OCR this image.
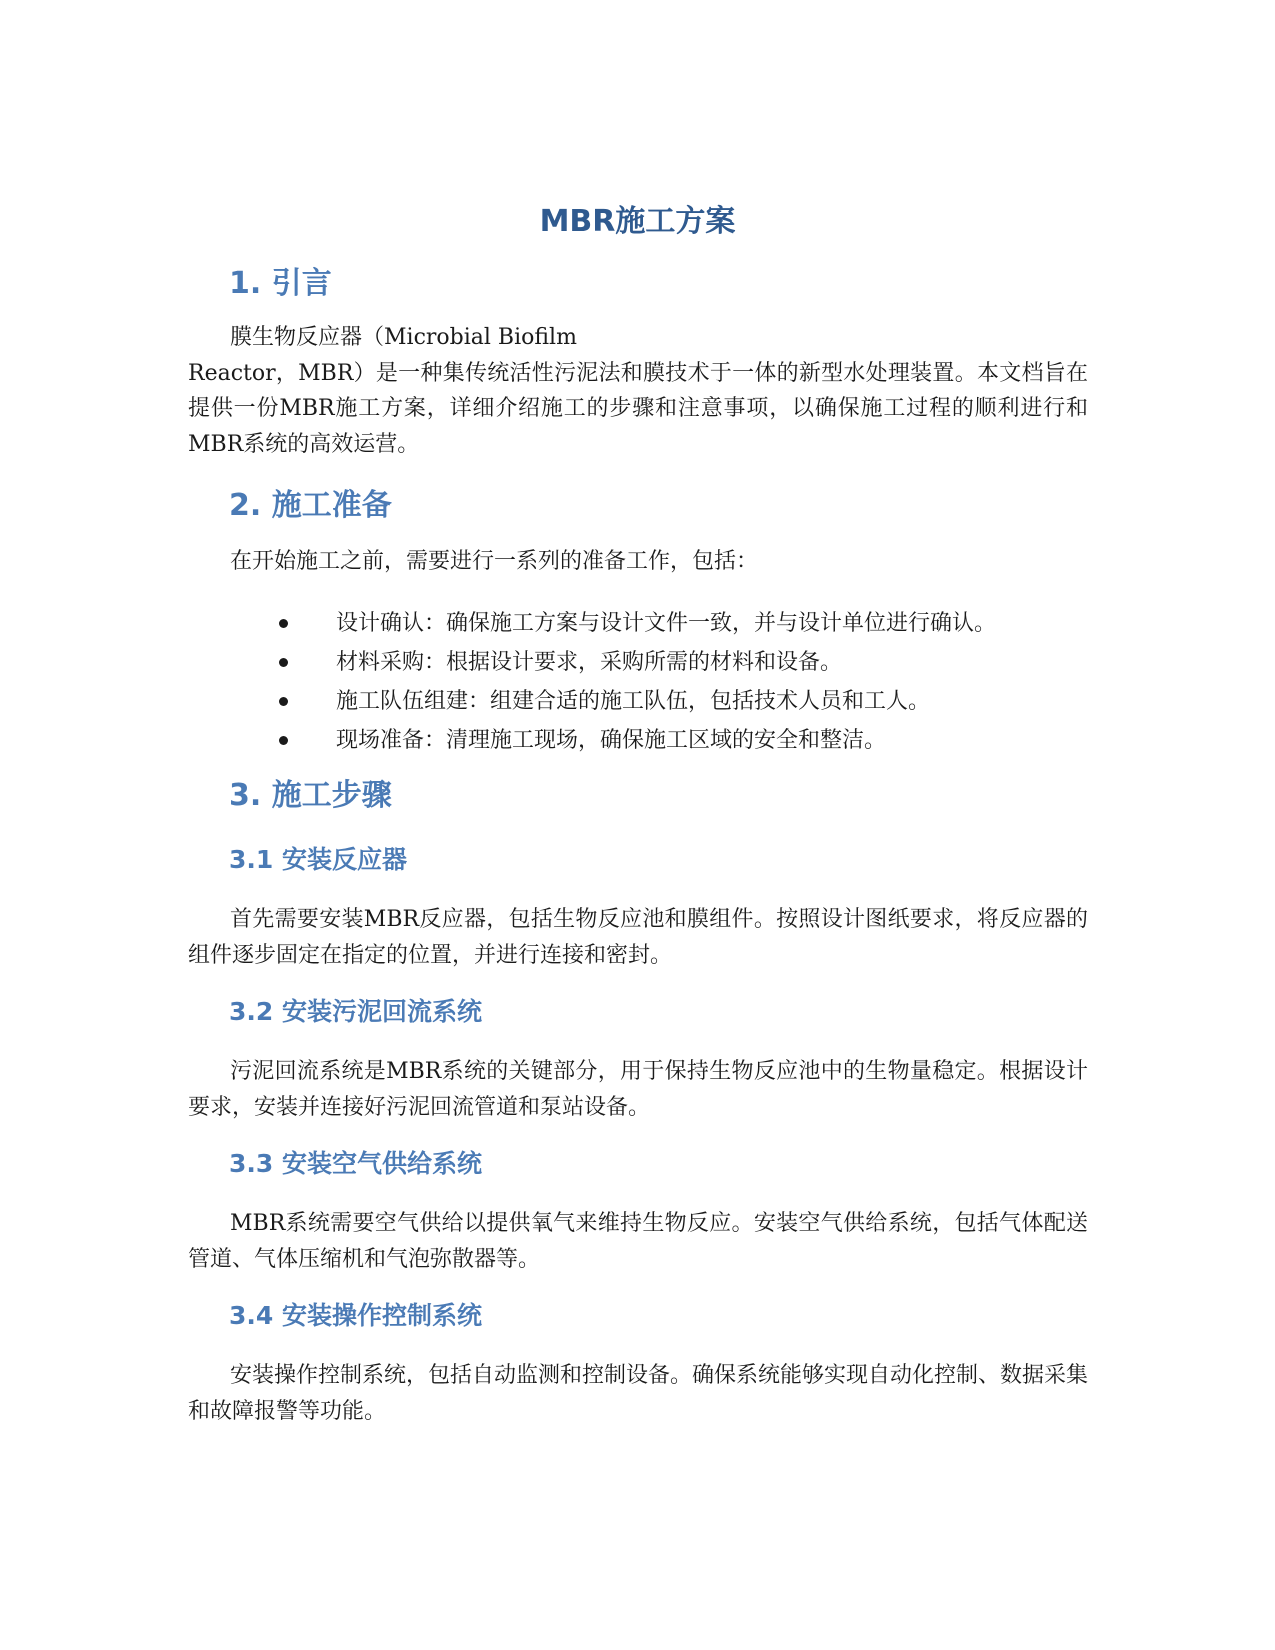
MBR施工方案
1. 引言

膜生物反应器（Microbial Biofilm
Reactor，MBR）是一种集传统活性污泥法和膜技术于一体的新型水处理装置。本文档旨在提供一份MBR施工方案，详细介绍施工的步骤和注意事项，以确保施工过程的顺利进行和MBR系统的高效运营。

2. 施工准备

在开始施工之前，需要进行一系列的准备工作，包括：

设计确认：确保施工方案与设计文件一致，并与设计单位进行确认。
材料采购：根据设计要求，采购所需的材料和设备。
施工队伍组建：组建合适的施工队伍，包括技术人员和工人。
现场准备：清理施工现场，确保施工区域的安全和整洁。
3. 施工步骤
3.1 安装反应器

首先需要安装MBR反应器，包括生物反应池和膜组件。按照设计图纸要求，将反应器的组件逐步固定在指定的位置，并进行连接和密封。

3.2 安装污泥回流系统

污泥回流系统是MBR系统的关键部分，用于保持生物反应池中的生物量稳定。根据设计要求，安装并连接好污泥回流管道和泵站设备。

3.3 安装空气供给系统

MBR系统需要空气供给以提供氧气来维持生物反应。安装空气供给系统，包括气体配送管道、气体压缩机和气泡弥散器等。

3.4 安装操作控制系统

安装操作控制系统，包括自动监测和控制设备。确保系统能够实现自动化控制、数据采集和故障报警等功能。
